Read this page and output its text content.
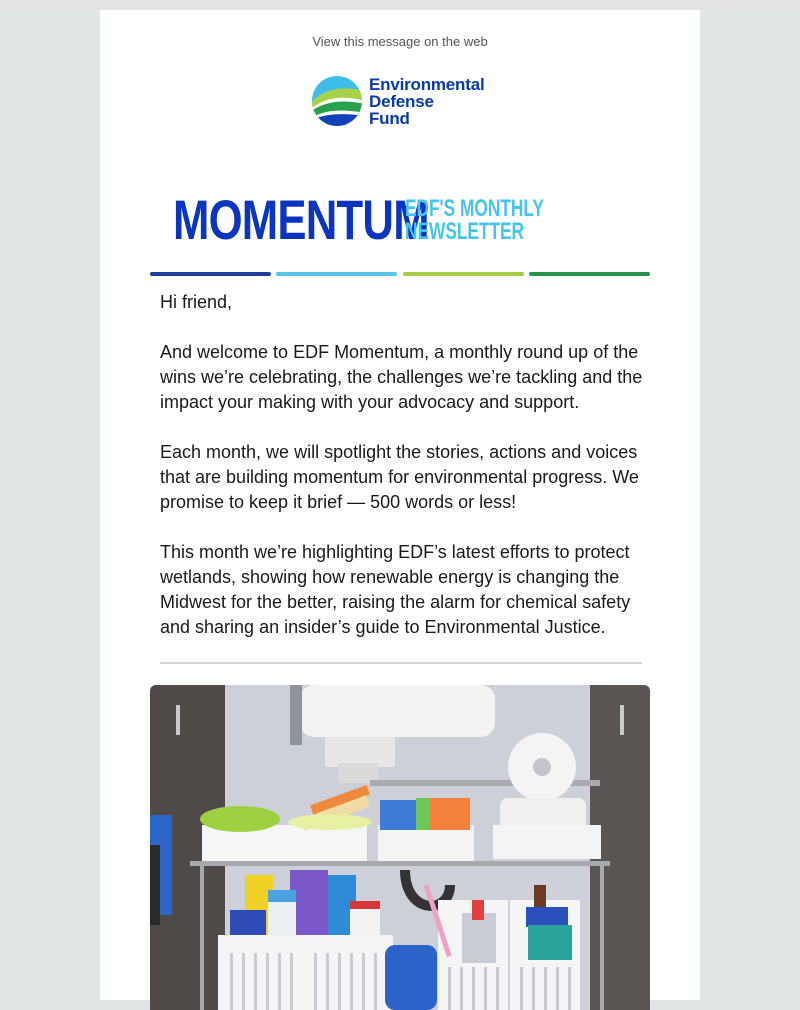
View this message on the web
Environmental
Defense
Fund
MOMENTUM
EDF'S MONTHLY
NEWSLETTER

Hi friend,

And welcome to EDF Momentum, a monthly round up of the wins we’re celebrating, the challenges we’re tackling and the impact your making with your advocacy and support.

Each month, we will spotlight the stories, actions and voices that are building momentum for environmental progress. We promise to keep it brief — 500 words or less!

This month we’re highlighting EDF’s latest efforts to protect wetlands, showing how renewable energy is changing the Midwest for the better, raising the alarm for chemical safety and sharing an insider’s guide to Environmental Justice.
